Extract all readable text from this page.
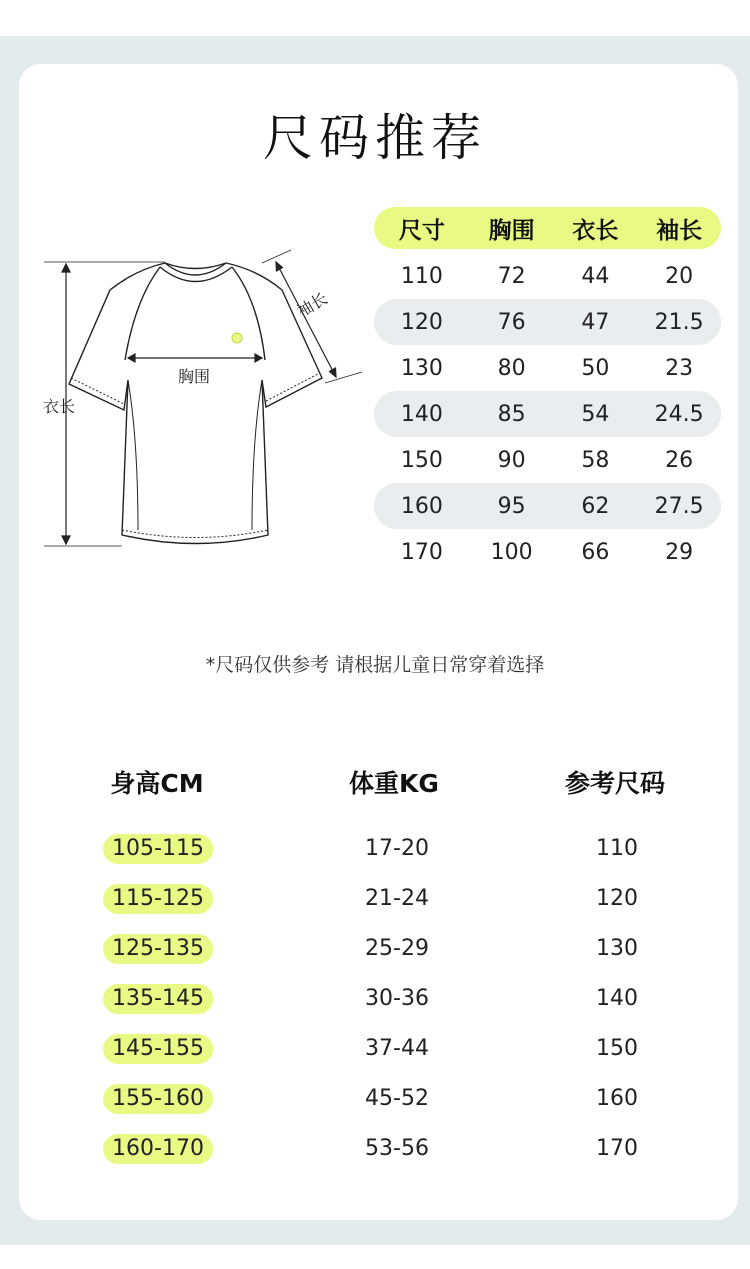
尺码推荐
胸围
衣长
袖长
尺寸	胸围	衣长	袖长
110	72	44	20
120	76	47	21.5
130	80	50	23
140	85	54	24.5
150	90	58	26
160	95	62	27.5
170	100	66	29
*尺码仅供参考 请根据儿童日常穿着选择
身高CM	体重KG	参考尺码
105-115	17-20	110
115-125	21-24	120
125-135	25-29	130
135-145	30-36	140
145-155	37-44	150
155-160	45-52	160
160-170	53-56	170
